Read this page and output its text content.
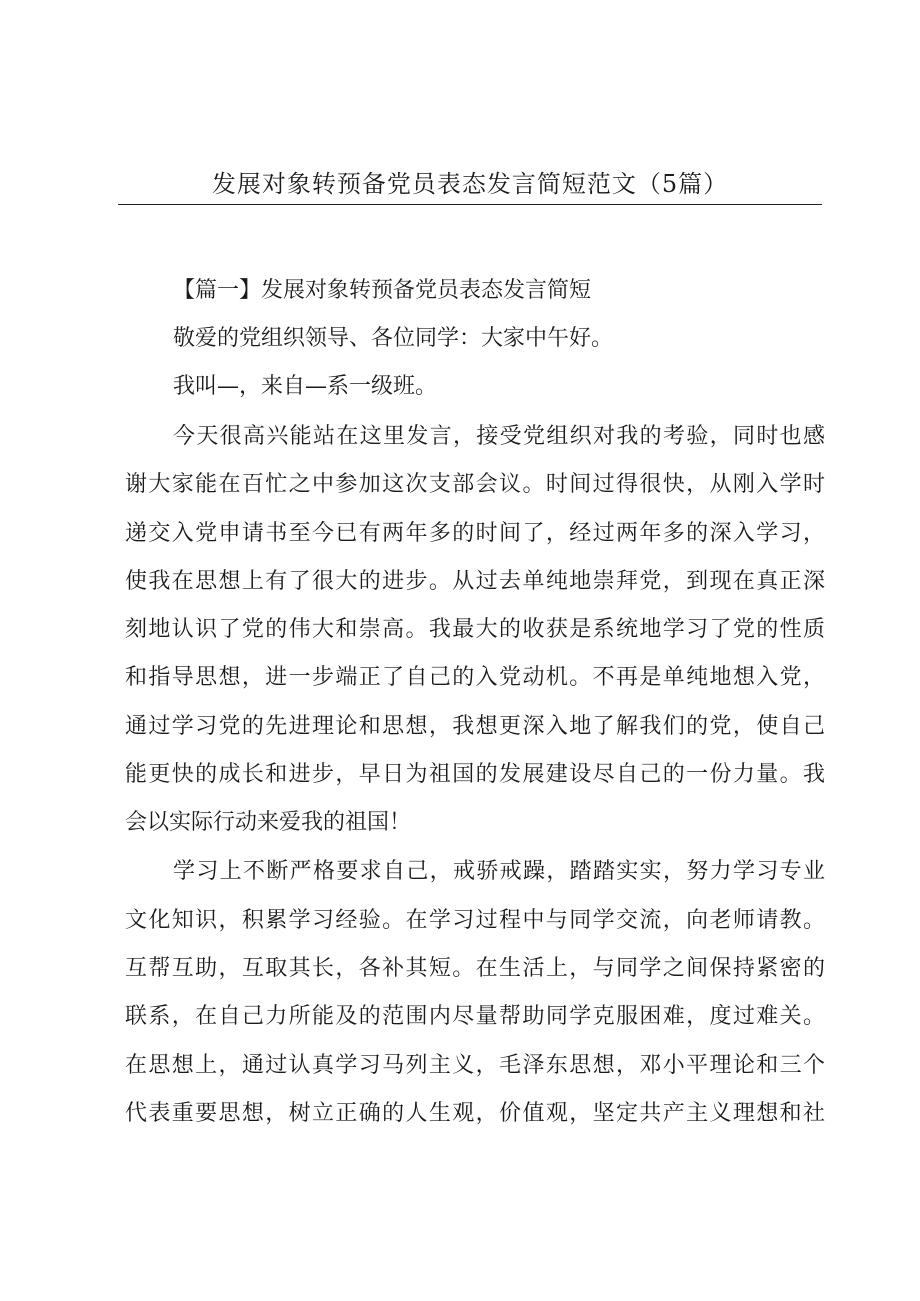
发展对象转预备党员表态发言简短范文（5篇）
【篇一】发展对象转预备党员表态发言简短
敬爱的党组织领导、各位同学：大家中午好。
我叫—，来自—系一级班。
今天很高兴能站在这里发言，接受党组织对我的考验，同时也感
谢大家能在百忙之中参加这次支部会议。时间过得很快，从刚入学时
递交入党申请书至今已有两年多的时间了，经过两年多的深入学习，
使我在思想上有了很大的进步。从过去单纯地崇拜党，到现在真正深
刻地认识了党的伟大和崇高。我最大的收获是系统地学习了党的性质
和指导思想，进一步端正了自己的入党动机。不再是单纯地想入党，
通过学习党的先进理论和思想，我想更深入地了解我们的党，使自己
能更快的成长和进步，早日为祖国的发展建设尽自己的一份力量。我
会以实际行动来爱我的祖国！
学习上不断严格要求自己，戒骄戒躁，踏踏实实，努力学习专业
文化知识，积累学习经验。在学习过程中与同学交流，向老师请教。
互帮互助，互取其长，各补其短。在生活上，与同学之间保持紧密的
联系，在自己力所能及的范围内尽量帮助同学克服困难，度过难关。
在思想上，通过认真学习马列主义，毛泽东思想，邓小平理论和三个
代表重要思想，树立正确的人生观，价值观，坚定共产主义理想和社
